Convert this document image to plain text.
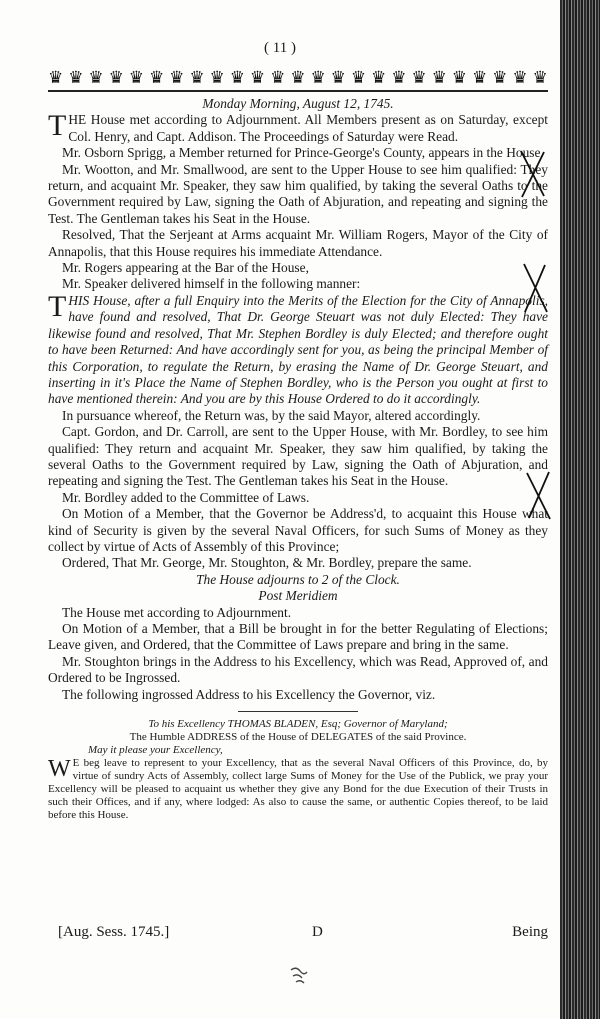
( 11 )
♛ ♛ ♛ ♛ ♛ ♛ ♛ ♛ ♛ ♛ ♛ ♛ ♛ ♛ ♛ ♛ ♛ ♛ ♛ ♛ ♛ ♛ ♛ ♛ ♛

Monday Morning, August 12, 1745.

THE House met according to Adjournment. All Members present as on Saturday, except Col. Henry, and Capt. Addison. The Proceedings of Saturday were Read.

Mr. Osborn Sprigg, a Member returned for Prince-George's County, appears in the House.

Mr. Wootton, and Mr. Smallwood, are sent to the Upper House to see him qualified: They return, and acquaint Mr. Speaker, they saw him qualified, by taking the several Oaths to the Government required by Law, signing the Oath of Abjuration, and repeating and signing the Test. The Gentleman takes his Seat in the House.

Resolved, That the Serjeant at Arms acquaint Mr. William Rogers, Mayor of the City of Annapolis, that this House requires his immediate Attendance.

Mr. Rogers appearing at the Bar of the House,

Mr. Speaker delivered himself in the following manner:

THIS House, after a full Enquiry into the Merits of the Election for the City of Annapolis, have found and resolved, That Dr. George Steuart was not duly Elected: They have likewise found and resolved, That Mr. Stephen Bordley is duly Elected; and therefore ought to have been Returned: And have accordingly sent for you, as being the principal Member of this Corporation, to regulate the Return, by erasing the Name of Dr. George Steuart, and inserting in it's Place the Name of Stephen Bordley, who is the Person you ought at first to have mentioned therein: And you are by this House Ordered to do it accordingly.

In pursuance whereof, the Return was, by the said Mayor, altered accordingly.

Capt. Gordon, and Dr. Carroll, are sent to the Upper House, with Mr. Bordley, to see him qualified: They return and acquaint Mr. Speaker, they saw him qualified, by taking the several Oaths to the Government required by Law, signing the Oath of Abjuration, and repeating and signing the Test. The Gentleman takes his Seat in the House.

Mr. Bordley added to the Committee of Laws.

On Motion of a Member, that the Governor be Address'd, to acquaint this House what kind of Security is given by the several Naval Officers, for such Sums of Money as they collect by virtue of Acts of Assembly of this Province;

Ordered, That Mr. George, Mr. Stoughton, & Mr. Bordley, prepare the same.

The House adjourns to 2 of the Clock.

Post Meridiem

The House met according to Adjournment.

On Motion of a Member, that a Bill be brought in for the better Regulating of Elections; Leave given, and Ordered, that the Committee of Laws prepare and bring in the same.

Mr. Stoughton brings in the Address to his Excellency, which was Read, Approved of, and Ordered to be Ingrossed.

The following ingrossed Address to his Excellency the Governor, viz.

To his Excellency THOMAS BLADEN, Esq; Governor of Maryland;

The Humble ADDRESS of the House of DELEGATES of the said Province.

May it please your Excellency,

W E beg leave to represent to your Excellency, that as the several Naval Officers of this Province, do, by virtue of sundry Acts of Assembly, collect large Sums of Money for the Use of the Publick, we pray your Excellency will be pleased to acquaint us whether they give any Bond for the due Execution of their Trusts in such their Offices, and if any, where lodged: As also to cause the same, or authentic Copies thereof, to be laid before this House.

[Aug. Sess. 1745.]	D	Being
